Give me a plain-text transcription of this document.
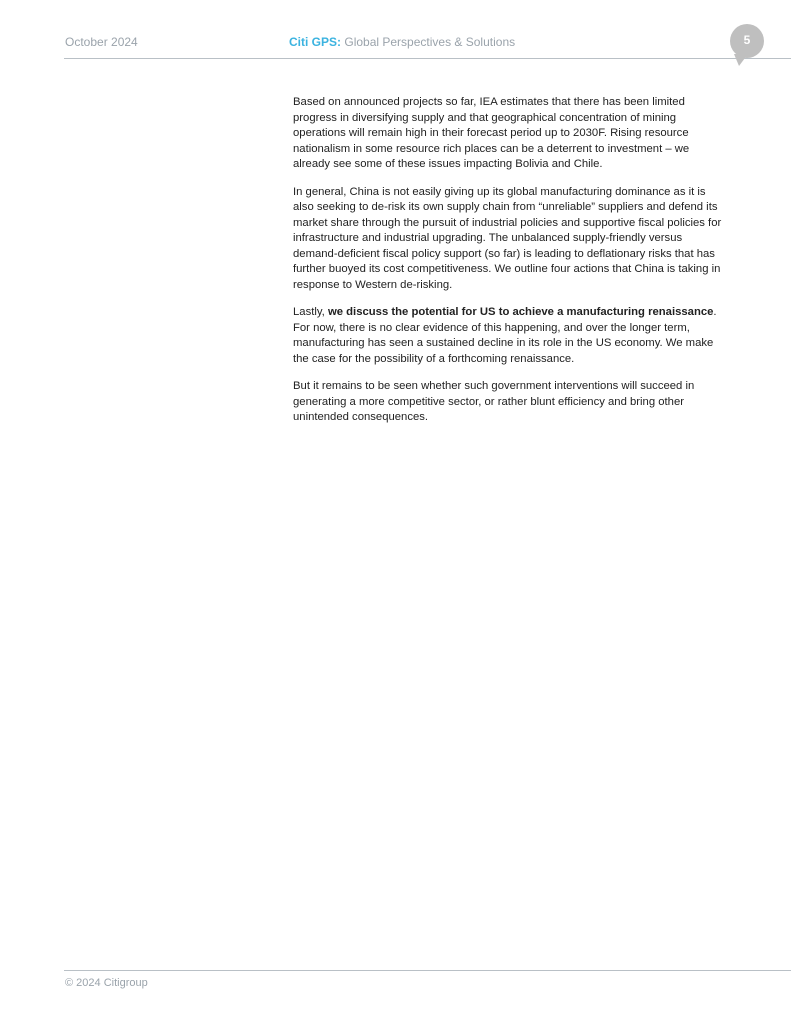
October 2024	Citi GPS: Global Perspectives & Solutions	5

Based on announced projects so far, IEA estimates that there has been limited progress in diversifying supply and that geographical concentration of mining operations will remain high in their forecast period up to 2030F. Rising resource nationalism in some resource rich places can be a deterrent to investment – we already see some of these issues impacting Bolivia and Chile.

In general, China is not easily giving up its global manufacturing dominance as it is also seeking to de-risk its own supply chain from “unreliable” suppliers and defend its market share through the pursuit of industrial policies and supportive fiscal policies for infrastructure and industrial upgrading. The unbalanced supply-friendly versus demand-deficient fiscal policy support (so far) is leading to deflationary risks that has further buoyed its cost competitiveness. We outline four actions that China is taking in response to Western de-risking.

Lastly, we discuss the potential for US to achieve a manufacturing renaissance. For now, there is no clear evidence of this happening, and over the longer term, manufacturing has seen a sustained decline in its role in the US economy. We make the case for the possibility of a forthcoming renaissance.

But it remains to be seen whether such government interventions will succeed in generating a more competitive sector, or rather blunt efficiency and bring other unintended consequences.

© 2024 Citigroup
